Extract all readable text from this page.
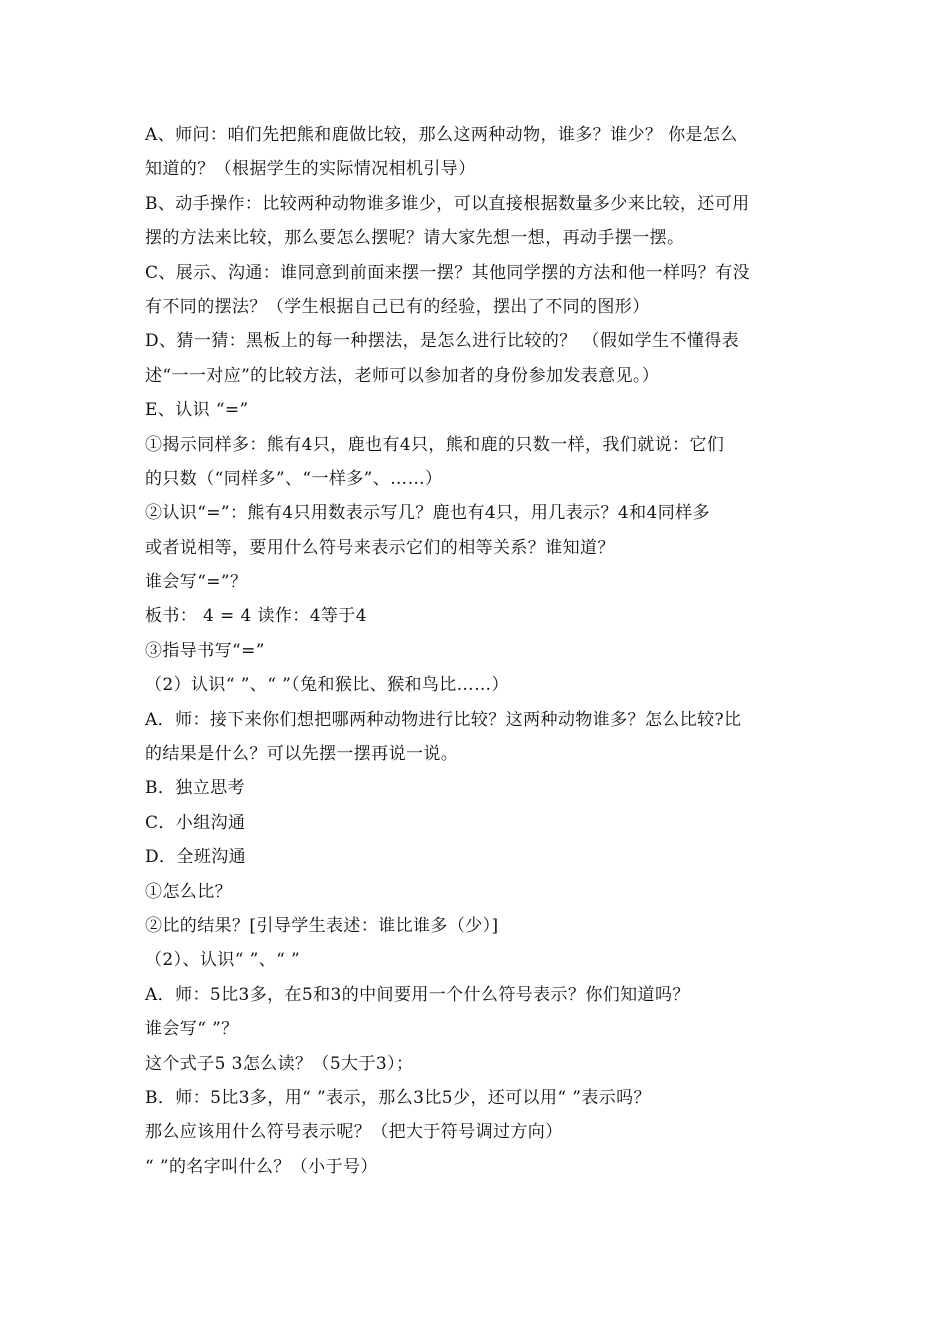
A、师问：咱们先把熊和鹿做比较，那么这两种动物，谁多？谁少？ 你是怎么
知道的？（根据学生的实际情况相机引导）
B、动手操作：比较两种动物谁多谁少，可以直接根据数量多少来比较，还可用
摆的方法来比较，那么要怎么摆呢？请大家先想一想，再动手摆一摆。
C、展示、沟通：谁同意到前面来摆一摆？其他同学摆的方法和他一样吗？有没
有不同的摆法？（学生根据自己已有的经验，摆出了不同的图形）
D、猜一猜：黑板上的每一种摆法，是怎么进行比较的？ （假如学生不懂得表
述“一一对应”的比较方法，老师可以参加者的身份参加发表意见。）
E、认识 “=”
①揭示同样多：熊有4只，鹿也有4只，熊和鹿的只数一样，我们就说：它们
的只数（“同样多”、“一样多”、……）
②认识“=”：熊有4只用数表示写几？鹿也有4只，用几表示？4和4同样多
或者说相等，要用什么符号来表示它们的相等关系？谁知道？
谁会写“=”？
板书： 4 = 4 读作：4等于4
③指导书写“=”
（2）认识“ ”、“ ”（兔和猴比、猴和鸟比……）
A．师：接下来你们想把哪两种动物进行比较？这两种动物谁多？怎么比较?比
的结果是什么？可以先摆一摆再说一说。
B．独立思考
C．小组沟通
D．全班沟通
①怎么比？
②比的结果？[引导学生表述：谁比谁多（少）]
（2）、认识“ ”、“ ”
A．师：5比3多，在5和3的中间要用一个什么符号表示？你们知道吗？
谁会写“ ”？
这个式子5 3怎么读？（5大于3）；
B．师：5比3多，用“ ”表示，那么3比5少，还可以用“ ”表示吗？
那么应该用什么符号表示呢？（把大于符号调过方向）
“ ”的名字叫什么？（小于号）
